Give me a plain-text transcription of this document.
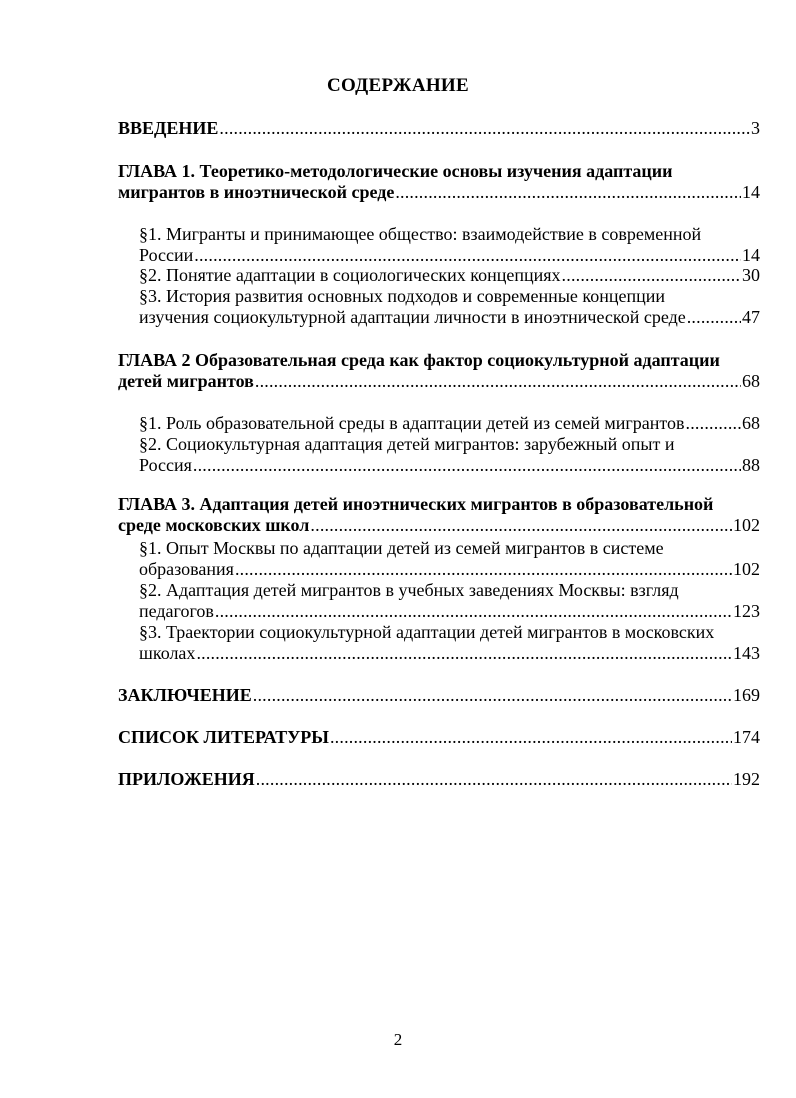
СОДЕРЖАНИЕ
ВВЕДЕНИЕ .....	3
ГЛАВА 1. Теоретико-методологические основы изучения адаптации
мигрантов в иноэтнической среде .....	14
§1. Мигранты и принимающее общество: взаимодействие в современной
России .....	14
§2. Понятие адаптации в социологических концепциях .....	30
§3. История развития основных подходов и современные концепции
изучения социокультурной адаптации личности в иноэтнической среде .....	47
ГЛАВА 2 Образовательная среда как фактор социокультурной адаптации
детей мигрантов .....	68
§1. Роль образовательной среды в адаптации детей из семей мигрантов .....	68
§2. Социокультурная адаптация детей мигрантов: зарубежный опыт и
Россия .....	88
ГЛАВА 3. Адаптация детей иноэтнических мигрантов в образовательной
среде московских школ .....	102
§1. Опыт Москвы по адаптации детей из семей мигрантов в системе
образования .....	102
§2. Адаптация детей мигрантов в учебных заведениях Москвы: взгляд
педагогов .....	123
§3. Траектории социокультурной адаптации детей мигрантов в московских
школах .....	143
ЗАКЛЮЧЕНИЕ .....	169
СПИСОК ЛИТЕРАТУРЫ .....	174
ПРИЛОЖЕНИЯ .....	192
2
